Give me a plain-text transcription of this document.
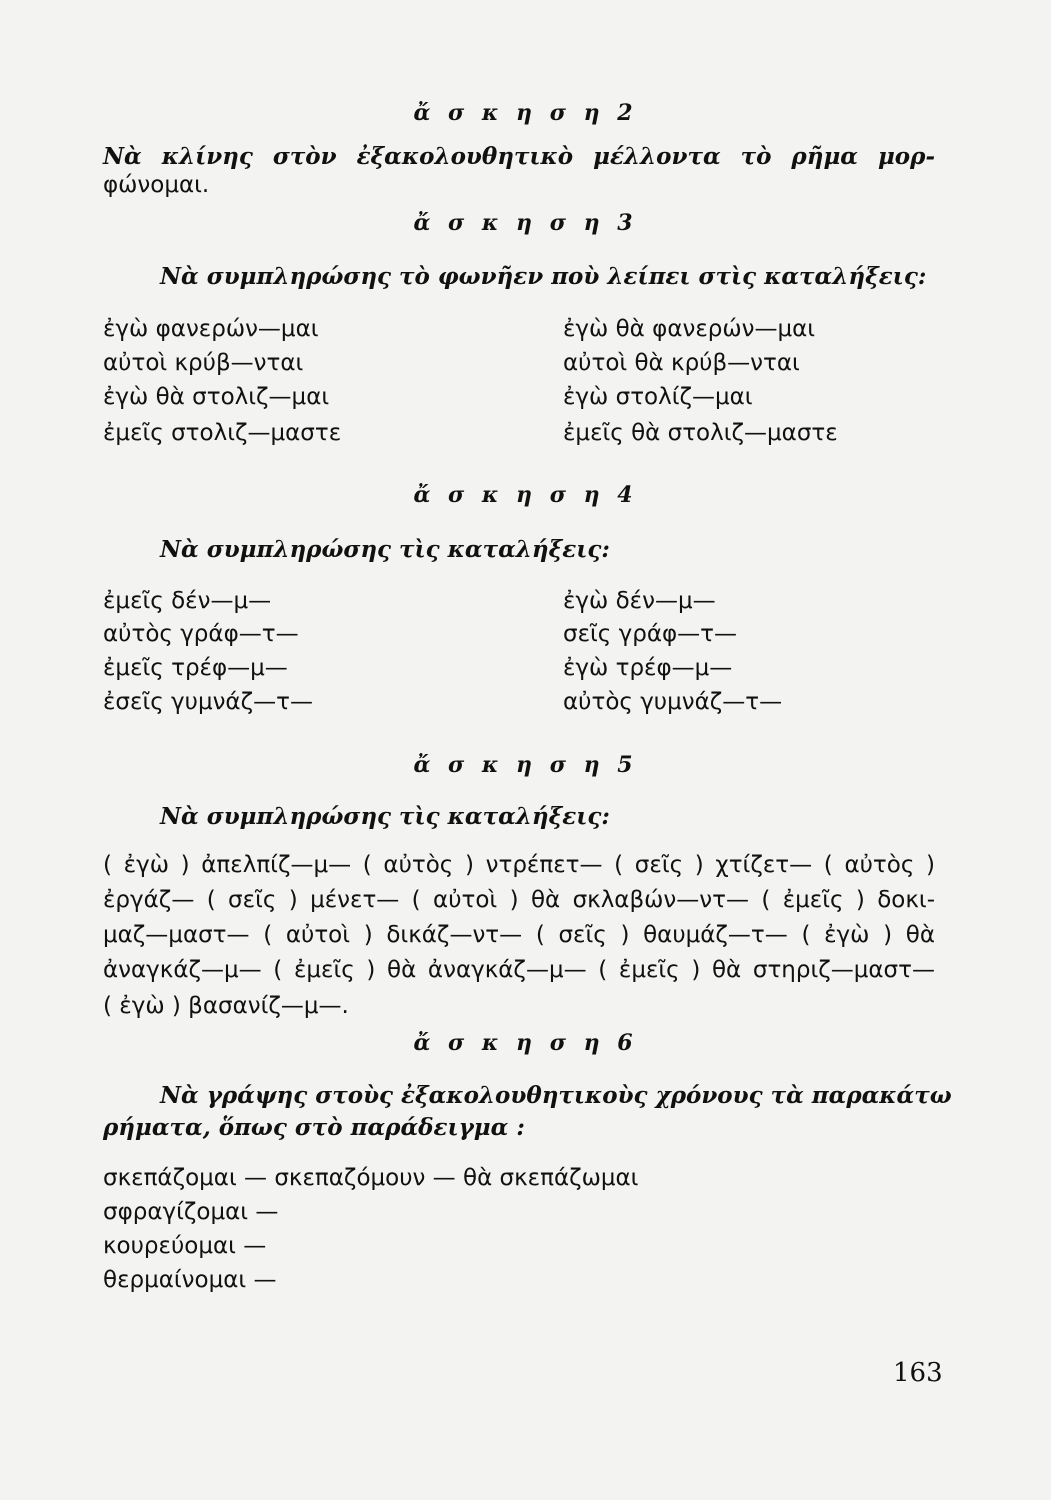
ἄ σ κ η σ η 2
Νὰ κλίνης στὸν ἐξακολουθητικὸ μέλλοντα τὸ ρῆμα μορ-
φώνομαι.
ἄ σ κ η σ η 3
Νὰ συμπληρώσης τὸ φωνῆεν ποὺ λείπει στὶς καταλήξεις:
ἐγὼ φανερών—μαι
αὐτοὶ κρύβ—νται
ἐγὼ θὰ στολιζ—μαι
ἐμεῖς στολιζ—μαστε
ἐγὼ θὰ φανερών—μαι
αὐτοὶ θὰ κρύβ—νται
ἐγὼ στολίζ—μαι
ἐμεῖς θὰ στολιζ—μαστε
ἄ σ κ η σ η 4
Νὰ συμπληρώσης τὶς καταλήξεις:
ἐμεῖς δέν—μ—
αὐτὸς γράφ—τ—
ἐμεῖς τρέφ—μ—
ἐσεῖς γυμνάζ—τ—
ἐγὼ δέν—μ—
σεῖς γράφ—τ—
ἐγὼ τρέφ—μ—
αὐτὸς γυμνάζ—τ—
ἄ σ κ η σ η 5
Νὰ συμπληρώσης τὶς καταλήξεις:
( ἐγὼ ) ἀπελπίζ—μ— ( αὐτὸς ) ντρέπετ— ( σεῖς ) χτίζετ— ( αὐτὸς )
ἐργάζ— ( σεῖς ) μένετ— ( αὐτοὶ ) θὰ σκλαβών—ντ— ( ἐμεῖς ) δοκι-
μαζ—μαστ— ( αὐτοὶ ) δικάζ—ντ— ( σεῖς ) θαυμάζ—τ— ( ἐγὼ ) θὰ
ἀναγκάζ—μ— ( ἐμεῖς ) θὰ ἀναγκάζ—μ— ( ἐμεῖς ) θὰ στηριζ—μαστ—
( ἐγὼ ) βασανίζ—μ—.
ἄ σ κ η σ η 6
Νὰ γράψης στοὺς ἐξακολουθητικοὺς χρόνους τὰ παρακάτω
ρήματα, ὅπως στὸ παράδειγμα :
σκεπάζομαι — σκεπαζόμουν — θὰ σκεπάζωμαι
σφραγίζομαι —
κουρεύομαι —
θερμαίνομαι —
163
